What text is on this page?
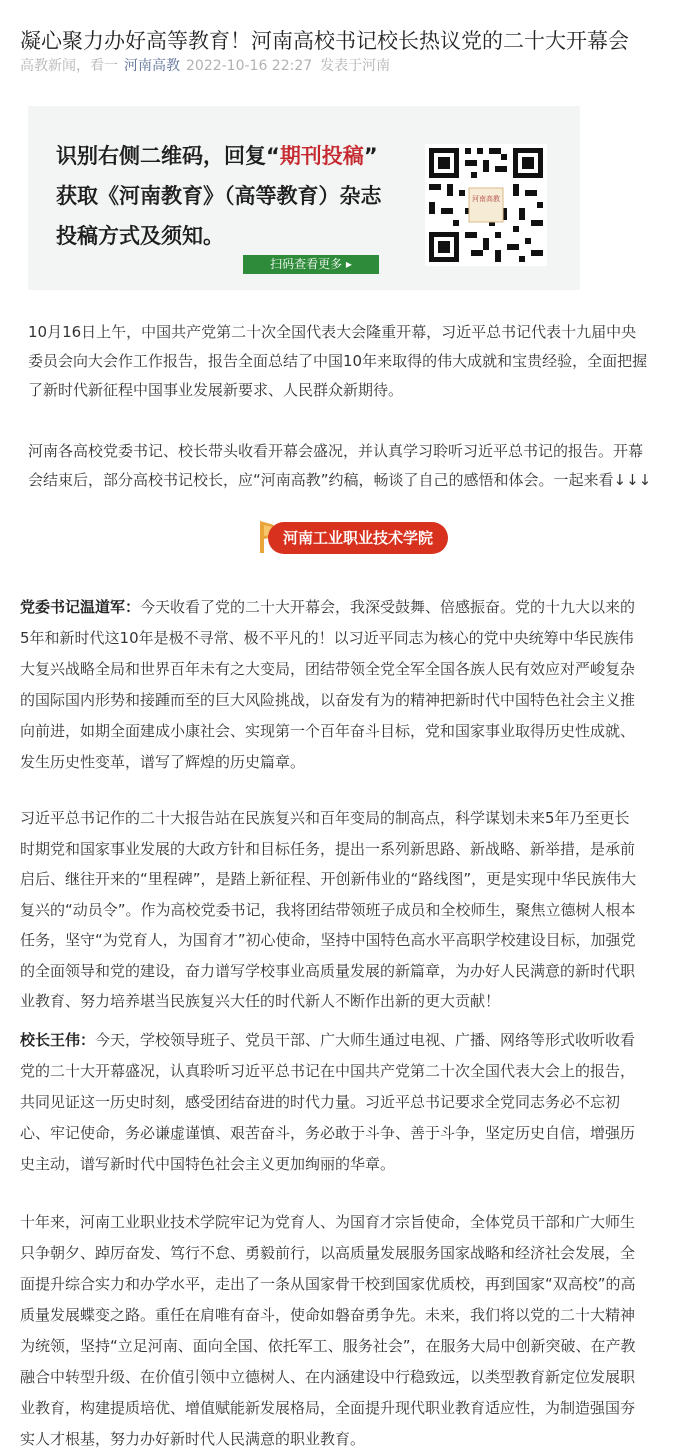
凝心聚力办好高等教育！河南高校书记校长热议党的二十大开幕会
高教新闻，看一 河南高教 2022-10-16 22:27 发表于河南
识别右侧二维码，回复“期刊投稿”
获取《河南教育》（高等教育）杂志
投稿方式及须知。
扫码查看更多 ▸
河南高教
10月16日上午，中国共产党第二十次全国代表大会隆重开幕，习近平总书记代表十九届中央
委员会向大会作工作报告，报告全面总结了中国10年来取得的伟大成就和宝贵经验，全面把握
了新时代新征程中国事业发展新要求、人民群众新期待。
河南各高校党委书记、校长带头收看开幕会盛况，并认真学习聆听习近平总书记的报告。开幕
会结束后，部分高校书记校长，应“河南高教”约稿，畅谈了自己的感悟和体会。一起来看↓↓↓
河南工业职业技术学院
党委书记温道军：今天收看了党的二十大开幕会，我深受鼓舞、倍感振奋。党的十九大以来的
5年和新时代这10年是极不寻常、极不平凡的！以习近平同志为核心的党中央统筹中华民族伟
大复兴战略全局和世界百年未有之大变局，团结带领全党全军全国各族人民有效应对严峻复杂
的国际国内形势和接踵而至的巨大风险挑战，以奋发有为的精神把新时代中国特色社会主义推
向前进，如期全面建成小康社会、实现第一个百年奋斗目标，党和国家事业取得历史性成就、
发生历史性变革，谱写了辉煌的历史篇章。
习近平总书记作的二十大报告站在民族复兴和百年变局的制高点，科学谋划未来5年乃至更长
时期党和国家事业发展的大政方针和目标任务，提出一系列新思路、新战略、新举措，是承前
启后、继往开来的“里程碑”，是踏上新征程、开创新伟业的“路线图”，更是实现中华民族伟大
复兴的“动员令”。作为高校党委书记，我将团结带领班子成员和全校师生，聚焦立德树人根本
任务，坚守“为党育人，为国育才”初心使命，坚持中国特色高水平高职学校建设目标，加强党
的全面领导和党的建设，奋力谱写学校事业高质量发展的新篇章，为办好人民满意的新时代职
业教育、努力培养堪当民族复兴大任的时代新人不断作出新的更大贡献！
校长王伟：今天，学校领导班子、党员干部、广大师生通过电视、广播、网络等形式收听收看
党的二十大开幕盛况，认真聆听习近平总书记在中国共产党第二十次全国代表大会上的报告，
共同见证这一历史时刻，感受团结奋进的时代力量。习近平总书记要求全党同志务必不忘初
心、牢记使命，务必谦虚谨慎、艰苦奋斗，务必敢于斗争、善于斗争，坚定历史自信，增强历
史主动，谱写新时代中国特色社会主义更加绚丽的华章。
十年来，河南工业职业技术学院牢记为党育人、为国育才宗旨使命，全体党员干部和广大师生
只争朝夕、踔厉奋发、笃行不怠、勇毅前行，以高质量发展服务国家战略和经济社会发展，全
面提升综合实力和办学水平，走出了一条从国家骨干校到国家优质校，再到国家“双高校”的高
质量发展蝶变之路。重任在肩唯有奋斗，使命如磐奋勇争先。未来，我们将以党的二十大精神
为统领，坚持“立足河南、面向全国、依托军工、服务社会”，在服务大局中创新突破、在产教
融合中转型升级、在价值引领中立德树人、在内涵建设中行稳致远，以类型教育新定位发展职
业教育，构建提质培优、增值赋能新发展格局，全面提升现代职业教育适应性，为制造强国夯
实人才根基，努力办好新时代人民满意的职业教育。
